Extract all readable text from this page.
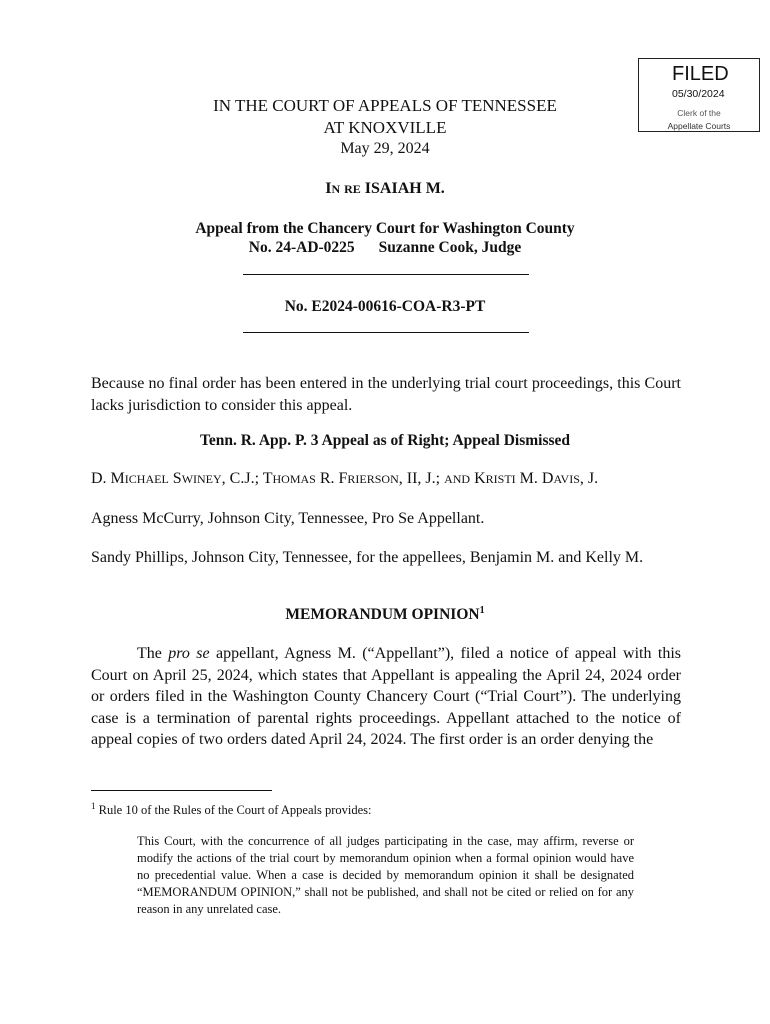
FILED
05/30/2024
Clerk of the
Appellate Courts
IN THE COURT OF APPEALS OF TENNESSEE
AT KNOXVILLE
May 29, 2024
IN RE ISAIAH M.
Appeal from the Chancery Court for Washington County
No. 24-AD-0225 Suzanne Cook, Judge
No. E2024-00616-COA-R3-PT
Because no final order has been entered in the underlying trial court proceedings, this Court lacks jurisdiction to consider this appeal.
Tenn. R. App. P. 3 Appeal as of Right; Appeal Dismissed
D. MICHAEL SWINEY, C.J.; THOMAS R. FRIERSON, II, J.; AND KRISTI M. DAVIS, J.
Agness McCurry, Johnson City, Tennessee, Pro Se Appellant.
Sandy Phillips, Johnson City, Tennessee, for the appellees, Benjamin M. and Kelly M.
MEMORANDUM OPINION$^1$
The pro se appellant, Agness M. (“Appellant”), filed a notice of appeal with this Court on April 25, 2024, which states that Appellant is appealing the April 24, 2024 order or orders filed in the Washington County Chancery Court (“Trial Court”). The underlying case is a termination of parental rights proceedings. Appellant attached to the notice of appeal copies of two orders dated April 24, 2024. The first order is an order denying the
$^1$ Rule 10 of the Rules of the Court of Appeals provides:
This Court, with the concurrence of all judges participating in the case, may affirm, reverse or modify the actions of the trial court by memorandum opinion when a formal opinion would have no precedential value. When a case is decided by memorandum opinion it shall be designated “MEMORANDUM OPINION,” shall not be published, and shall not be cited or relied on for any reason in any unrelated case.
